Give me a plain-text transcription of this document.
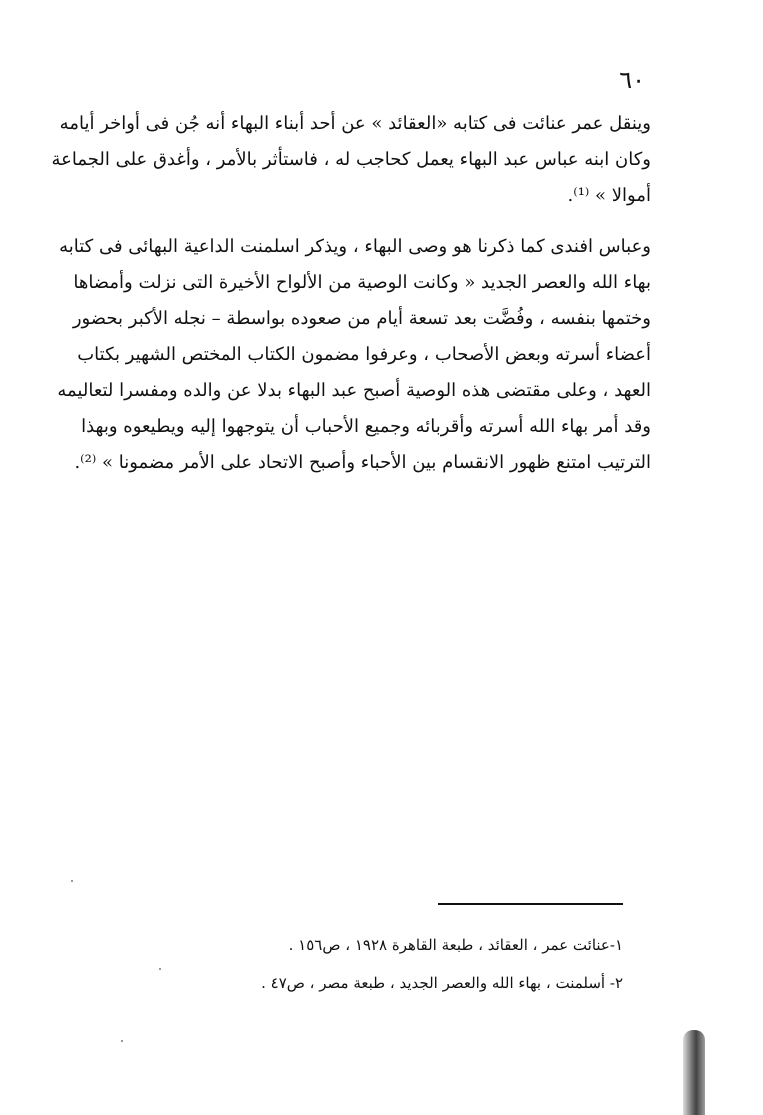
٦٠
وينقل عمر عنائت فى كتابه «العقائد » عن أحد أبناء البهاء أنه جُن فى أواخر أيامه
وكان ابنه عباس عبد البهاء يعمل كحاجب له ، فاستأثر بالأمر ، وأغدق على الجماعة
أموالا » ⁽¹⁾.
وعباس افندى كما ذكرنا هو وصى البهاء ، ويذكر اسلمنت الداعية البهائى فى كتابه
بهاء الله والعصر الجديد « وكانت الوصية من الألواح الأخيرة التى نزلت وأمضاها
وختمها بنفسه ، وفُضَّت بعد تسعة أيام من صعوده بواسطة – نجله الأكبر بحضور
أعضاء أسرته وبعض الأصحاب ، وعرفوا مضمون الكتاب المختص الشهير بكتاب
العهد ، وعلى مقتضى هذه الوصية أصبح عبد البهاء بدلا عن والده ومفسرا لتعاليمه
وقد أمر بهاء الله أسرته وأقربائه وجميع الأحباب أن يتوجهوا إليه ويطيعوه وبهذا
الترتيب امتنع ظهور الانقسام بين الأحباء وأصبح الاتحاد على الأمر مضمونا » ⁽²⁾.
١-عنائت عمر ، العقائد ، طبعة القاهرة ١٩٢٨ ، ص١٥٦ .
٢- أسلمنت ، بهاء الله والعصر الجديد ، طبعة مصر ، ص٤٧ .
